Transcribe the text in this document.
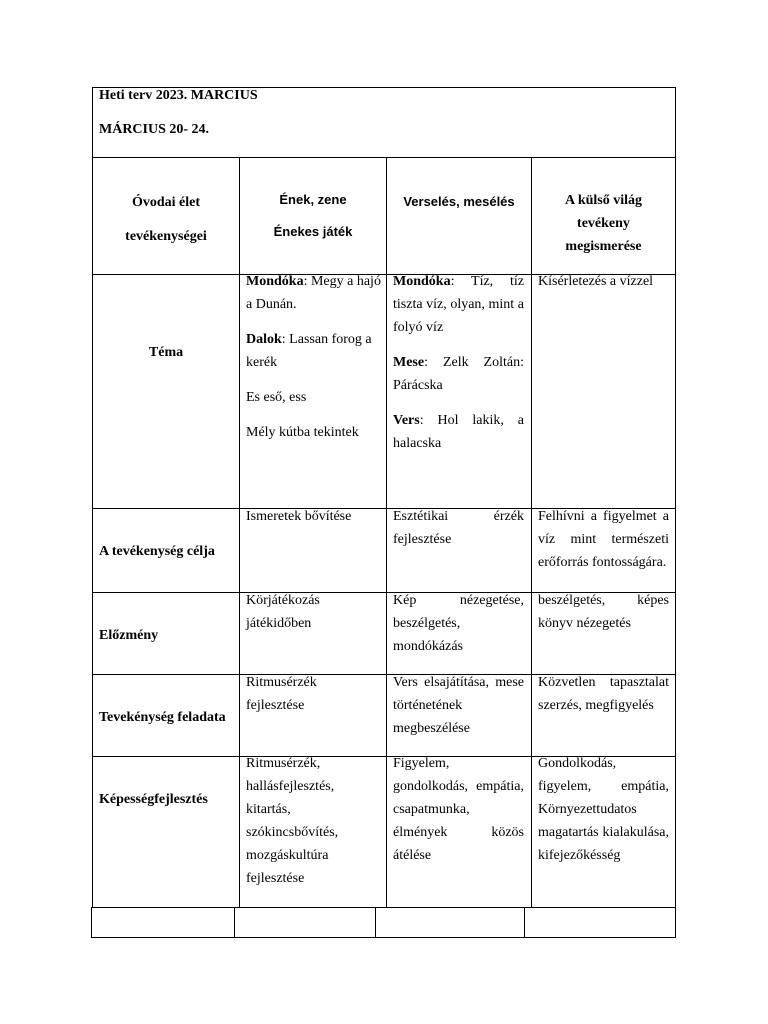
Heti terv 2023. MARCIUS
MÁRCIUS 20- 24.
Óvodai élet
tevékenységei
Ének, zene
Énekes játék
Verselés, mesélés	A külső világ
tevékeny
megismerése
Téma

Mondóka: Megy a hajó a Dunán.

Dalok: Lassan forog a kerék

Es eső, ess

Mély kútba tekintek

Mondóka: Tíz, tíz tiszta víz, olyan, mint a folyó víz

Mese: Zelk Zoltán: Párácska

Vers: Hol lakik, a halacska

Kísérletezés a vízzel
A tevékenység célja
Ismeretek bővítése	Esztétikai érzék fejlesztése
Felhívni a figyelmet a víz mint természeti erőforrás fontosságára.
Előzmény
Körjátékozás játékidőben
Kép nézegetése, beszélgetés, mondókázás
beszélgetés, képes könyv nézegetés
Tevekénység feladata
Ritmusérzék fejlesztése
Vers elsajátítása, mese történetének megbeszélése
Közvetlen tapasztalat szerzés, megfigyelés
Képességfejlesztés
Ritmusérzék, hallásfejlesztés, kitartás, szókincsbővítés, mozgáskultúra fejlesztése
Figyelem, gondolkodás, empátia, csapatmunka, élmények közös átélése
Gondolkodás, figyelem, empátia, Környezettudatos magatartás kialakulása, kifejezőkésség
